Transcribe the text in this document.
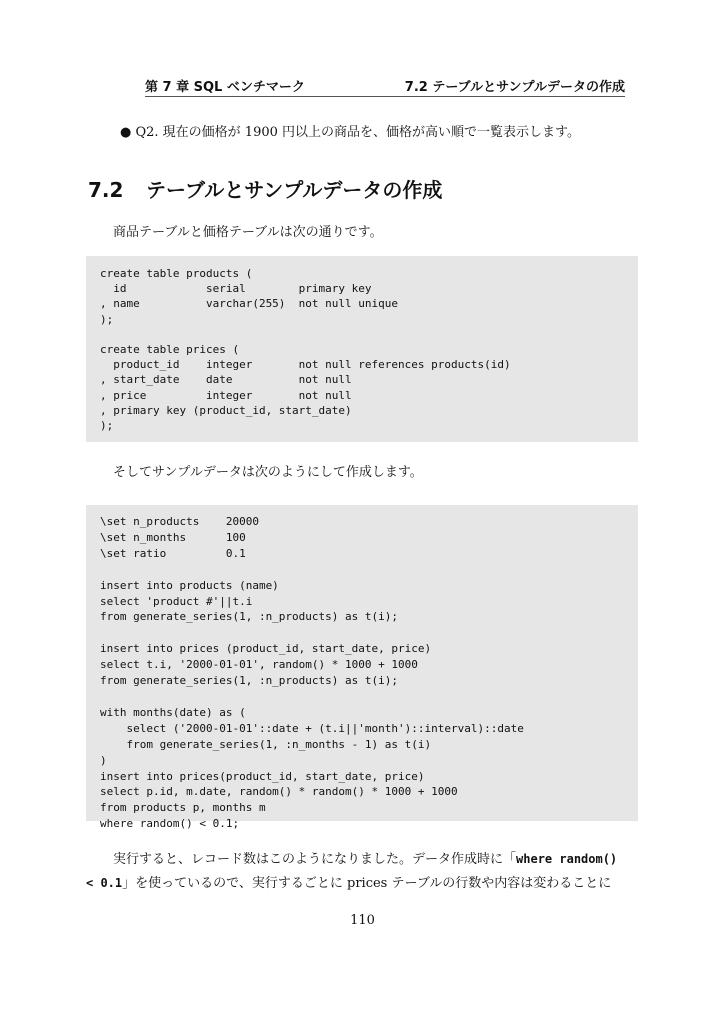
第 7 章 SQL ベンチマーク	7.2 テーブルとサンプルデータの作成
● Q2. 現在の価格が 1900 円以上の商品を、価格が高い順で一覧表示します。
7.2 テーブルとサンプルデータの作成
商品テーブルと価格テーブルは次の通りです。
create table products (
id            serial        primary key
, name          varchar(255)  not null unique
);

create table prices (
product_id    integer       not null references products(id)
, start_date    date          not null
, price         integer       not null
, primary key (product_id, start_date)
);
そしてサンプルデータは次のようにして作成します。
\set n_products    20000
\set n_months      100
\set ratio         0.1

insert into products (name)
select 'product #'||t.i
from generate_series(1, :n_products) as t(i);

insert into prices (product_id, start_date, price)
select t.i, '2000-01-01', random() * 1000 + 1000
from generate_series(1, :n_products) as t(i);

with months(date) as (
select ('2000-01-01'::date + (t.i||'month')::interval)::date
from generate_series(1, :n_months - 1) as t(i)
)
insert into prices(product_id, start_date, price)
select p.id, m.date, random() * random() * 1000 + 1000
from products p, months m
where random() < 0.1;
実行すると、レコード数はこのようになりました。データ作成時に「where random()
< 0.1」を使っているので、実行するごとに prices テーブルの行数や内容は変わることに
110
